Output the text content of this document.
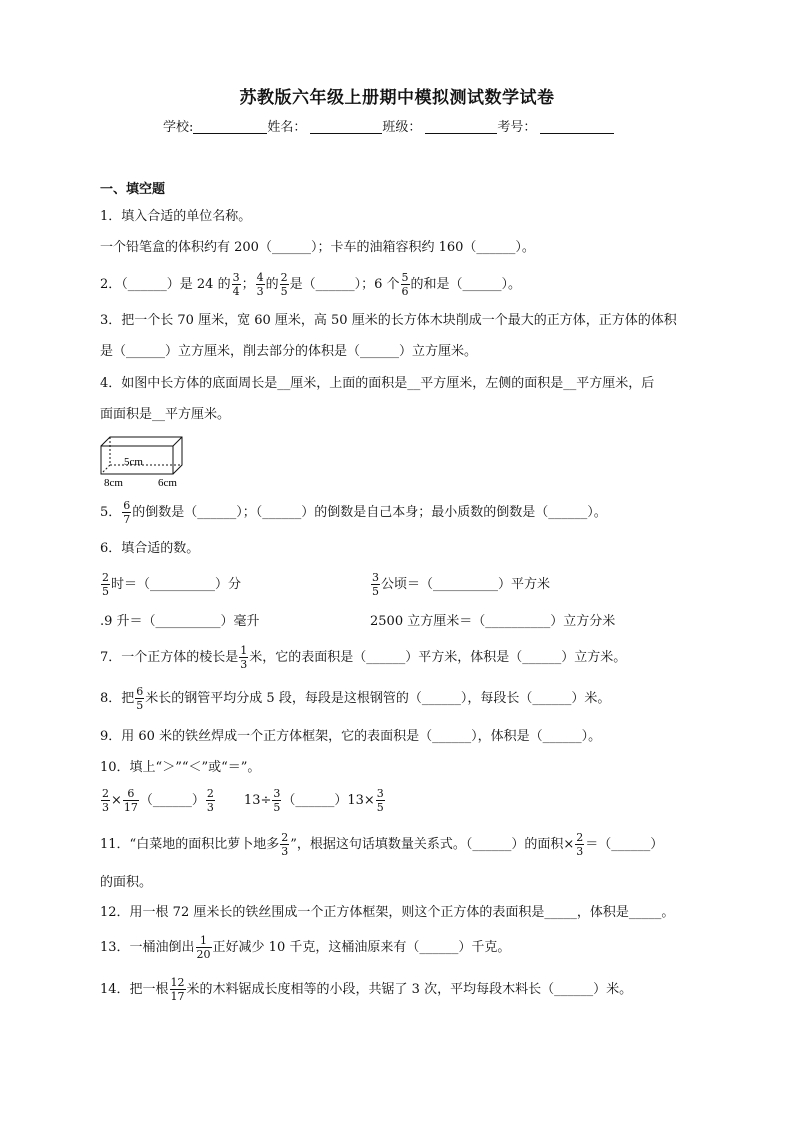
苏教版六年级上册期中模拟测试数学试卷
学校:	姓名：	班级：	考号：
一、填空题
1．填入合适的单位名称。
一个铅笔盒的体积约有 200（______）；卡车的油箱容积约 160（______）。
2．（______）是 24 的 $\frac{3}{4}$ ； $\frac{4}{3}$ 的 $\frac{2}{5}$ 是（______）；6 个 $\frac{5}{6}$ 的和是（______）。
3．把一个长 70 厘米，宽 60 厘米，高 50 厘米的长方体木块削成一个最大的正方体，正方体的体积
是（______）立方厘米，削去部分的体积是（______）立方厘米。
4．如图中长方体的底面周长是__厘米，上面的面积是__平方厘米，左侧的面积是__平方厘米，后
面面积是__平方厘米。
5cm
8cm	6cm
5． $\frac{6}{7}$ 的倒数是（______）；（______）的倒数是自己本身；最小质数的倒数是（______）。
6．填合适的数。
$\frac{2}{5}$ 时＝（__________）分	$\frac{3}{5}$ 公顷＝（__________）平方米
.9 升＝（__________）毫升	2500 立方厘米＝（__________）立方分米
7．一个正方体的棱长是 $\frac{1}{3}$ 米，它的表面积是（______）平方米，体积是（______）立方米。
8．把 $\frac{6}{5}$ 米长的钢管平均分成 5 段，每段是这根钢管的（______），每段长（______）米。
9．用 60 米的铁丝焊成一个正方体框架，它的表面积是（______），体积是（______）。
10．填上“＞”“＜”或“＝”。
$\frac{2}{3} \times \frac{6}{17}$ （______） $\frac{2}{3} 13\div \frac{3}{5}$ （______）13× $\frac{3}{5}$
11．“白菜地的面积比萝卜地多 $\frac{2}{3}$ ”，根据这句话填数量关系式。（______）的面积× $\frac{2}{3}$ ＝（______）
的面积。
12．用一根 72 厘米长的铁丝围成一个正方体框架，则这个正方体的表面积是_____，体积是_____。
13．一桶油倒出 $\frac{1}{20}$ 正好减少 10 千克，这桶油原来有（______）千克。
14．把一根 $\frac{12}{17}$ 米的木料锯成长度相等的小段，共锯了 3 次，平均每段木料长（______）米。
